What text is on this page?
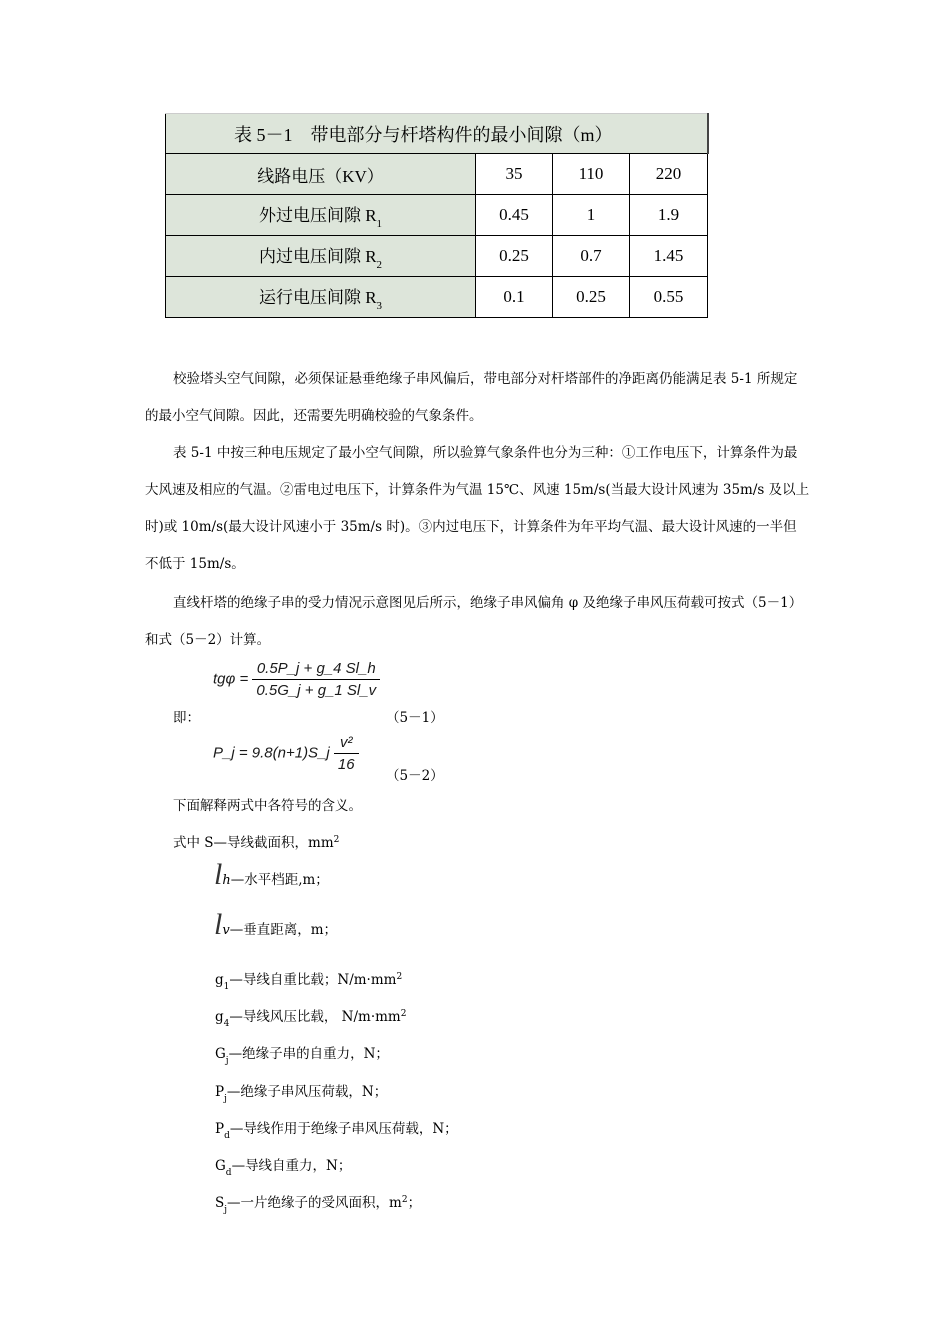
表 5－1　带电部分与杆塔构件的最小间隙（m）			
线路电压（KV）	35	110	220
外过电压间隙 $R_1$	0.45	1	1.9
内过电压间隙 $R_2$	0.25	0.7	1.45
运行电压间隙 $R_3$	0.1	0.25	0.55
校验塔头空气间隙，必须保证悬垂绝缘子串风偏后，带电部分对杆塔部件的净距离仍能满足表 5-1 所规定的最小空气间隙。因此，还需要先明确校验的气象条件。
表 5-1 中按三种电压规定了最小空气间隙，所以验算气象条件也分为三种：①工作电压下，计算条件为最大风速及相应的气温。②雷电过电压下，计算条件为气温 15℃、风速 15m/s(当最大设计风速为 35m/s 及以上时)或 10m/s(最大设计风速小于 35m/s 时)。③内过电压下，计算条件为年平均气温、最大设计风速的一半但不低于 15m/s。
直线杆塔的绝缘子串的受力情况示意图见后所示，绝缘子串风偏角 φ 及绝缘子串风压荷载可按式（5－1）和式（5－2）计算。
即：
$tg\varphi = \frac{0.5P\_j + g\_4 Sl\_h}{0.5G\_j + g\_1 Sl\_v}$
（5－1）
P_j = 9.8(n+1)S_j $\frac{\text{v²}}{16}$
（5－2）
下面解释两式中各符号的含义。
式中 S—导线截面积，$mm^2$
lh—水平档距,m；
lv—垂直距离，m；
$g_1—$导线自重比载；$N/m\cdot mm^2$
$g_4—$导线风压比载， $N/m\cdot mm^2$
$G_j—$绝缘子串的自重力，N；
$P_j—$绝缘子串风压荷载，N；
$P_d—$导线作用于绝缘子串风压荷载，N；
$G_d—$导线自重力，N；
$S_j—$一片绝缘子的受风面积，$m^2$；
